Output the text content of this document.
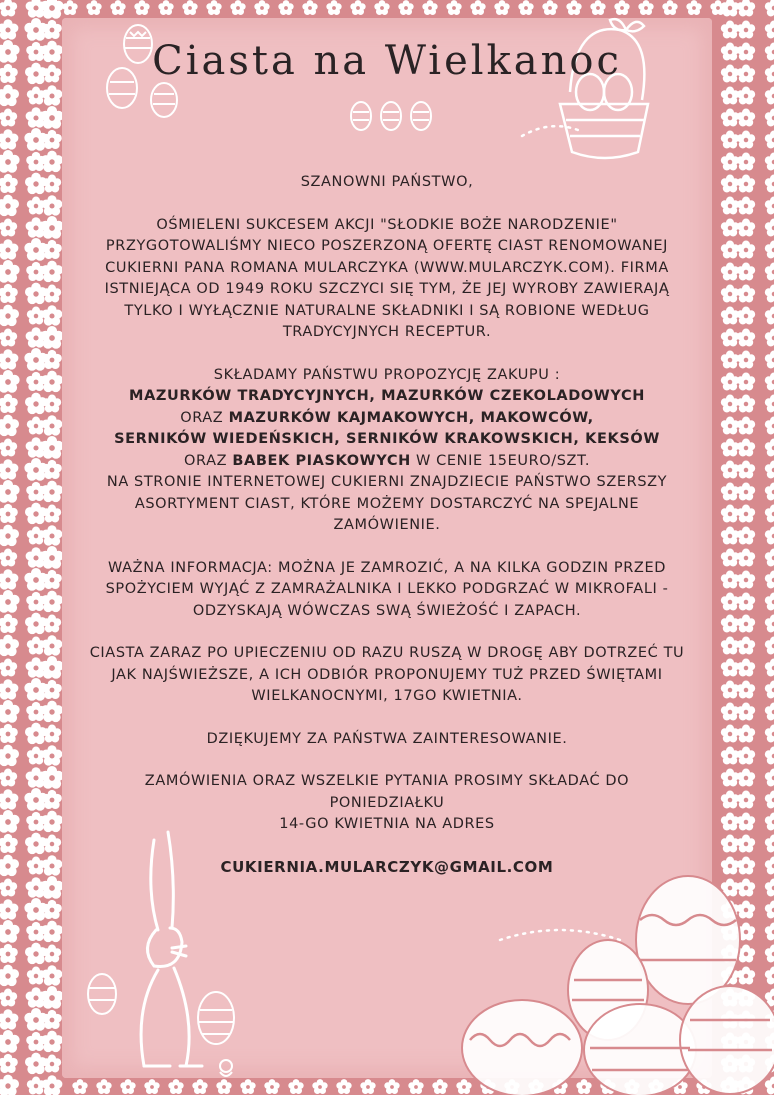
Ciasta na Wielkanoc

SZANOWNI PAŃSTWO,

OŚMIELENI SUKCESEM AKCJI "SŁODKIE BOŻE NARODZENIE" PRZYGOTOWALIŚMY NIECO POSZERZONĄ OFERTĘ CIAST RENOMOWANEJ CUKIERNI PANA ROMANA MULARCZYKA (WWW.MULARCZYK.COM). FIRMA ISTNIEJĄCA OD 1949 ROKU SZCZYCI SIĘ TYM, ŻE JEJ WYROBY ZAWIERAJĄ TYLKO I WYŁĄCZNIE NATURALNE SKŁADNIKI I SĄ ROBIONE WEDŁUG TRADYCYJNYCH RECEPTUR.

SKŁADAMY PAŃSTWU PROPOZYCJĘ ZAKUPU :
MAZURKÓW TRADYCYJNYCH, MAZURKÓW CZEKOLADOWYCH
ORAZ MAZURKÓW KAJMAKOWYCH, MAKOWCÓW,
SERNIKÓW WIEDEŃSKICH, SERNIKÓW KRAKOWSKICH, KEKSÓW
ORAZ BABEK PIASKOWYCH W CENIE 15EURO/SZT.
NA STRONIE INTERNETOWEJ CUKIERNI ZNAJDZIECIE PAŃSTWO SZERSZY ASORTYMENT CIAST, KTÓRE MOŻEMY DOSTARCZYĆ NA SPEJALNE ZAMÓWIENIE.

WAŻNA INFORMACJA: MOŻNA JE ZAMROZIĆ, A NA KILKA GODZIN PRZED SPOŻYCIEM WYJĄĆ Z ZAMRAŻALNIKA I LEKKO PODGRZAĆ W MIKROFALI - ODZYSKAJĄ WÓWCZAS SWĄ ŚWIEŻOŚĆ I ZAPACH.

CIASTA ZARAZ PO UPIECZENIU OD RAZU RUSZĄ W DROGĘ ABY DOTRZEĆ TU JAK NAJŚWIEŻSZE, A ICH ODBIÓR PROPONUJEMY TUŻ PRZED ŚWIĘTAMI WIELKANOCNYMI, 17GO KWIETNIA.

DZIĘKUJEMY ZA PAŃSTWA ZAINTERESOWANIE.

ZAMÓWIENIA ORAZ WSZELKIE PYTANIA PROSIMY SKŁADAĆ DO PONIEDZIAŁKU
14-GO KWIETNIA NA ADRES

CUKIERNIA.MULARCZYK@GMAIL.COM
